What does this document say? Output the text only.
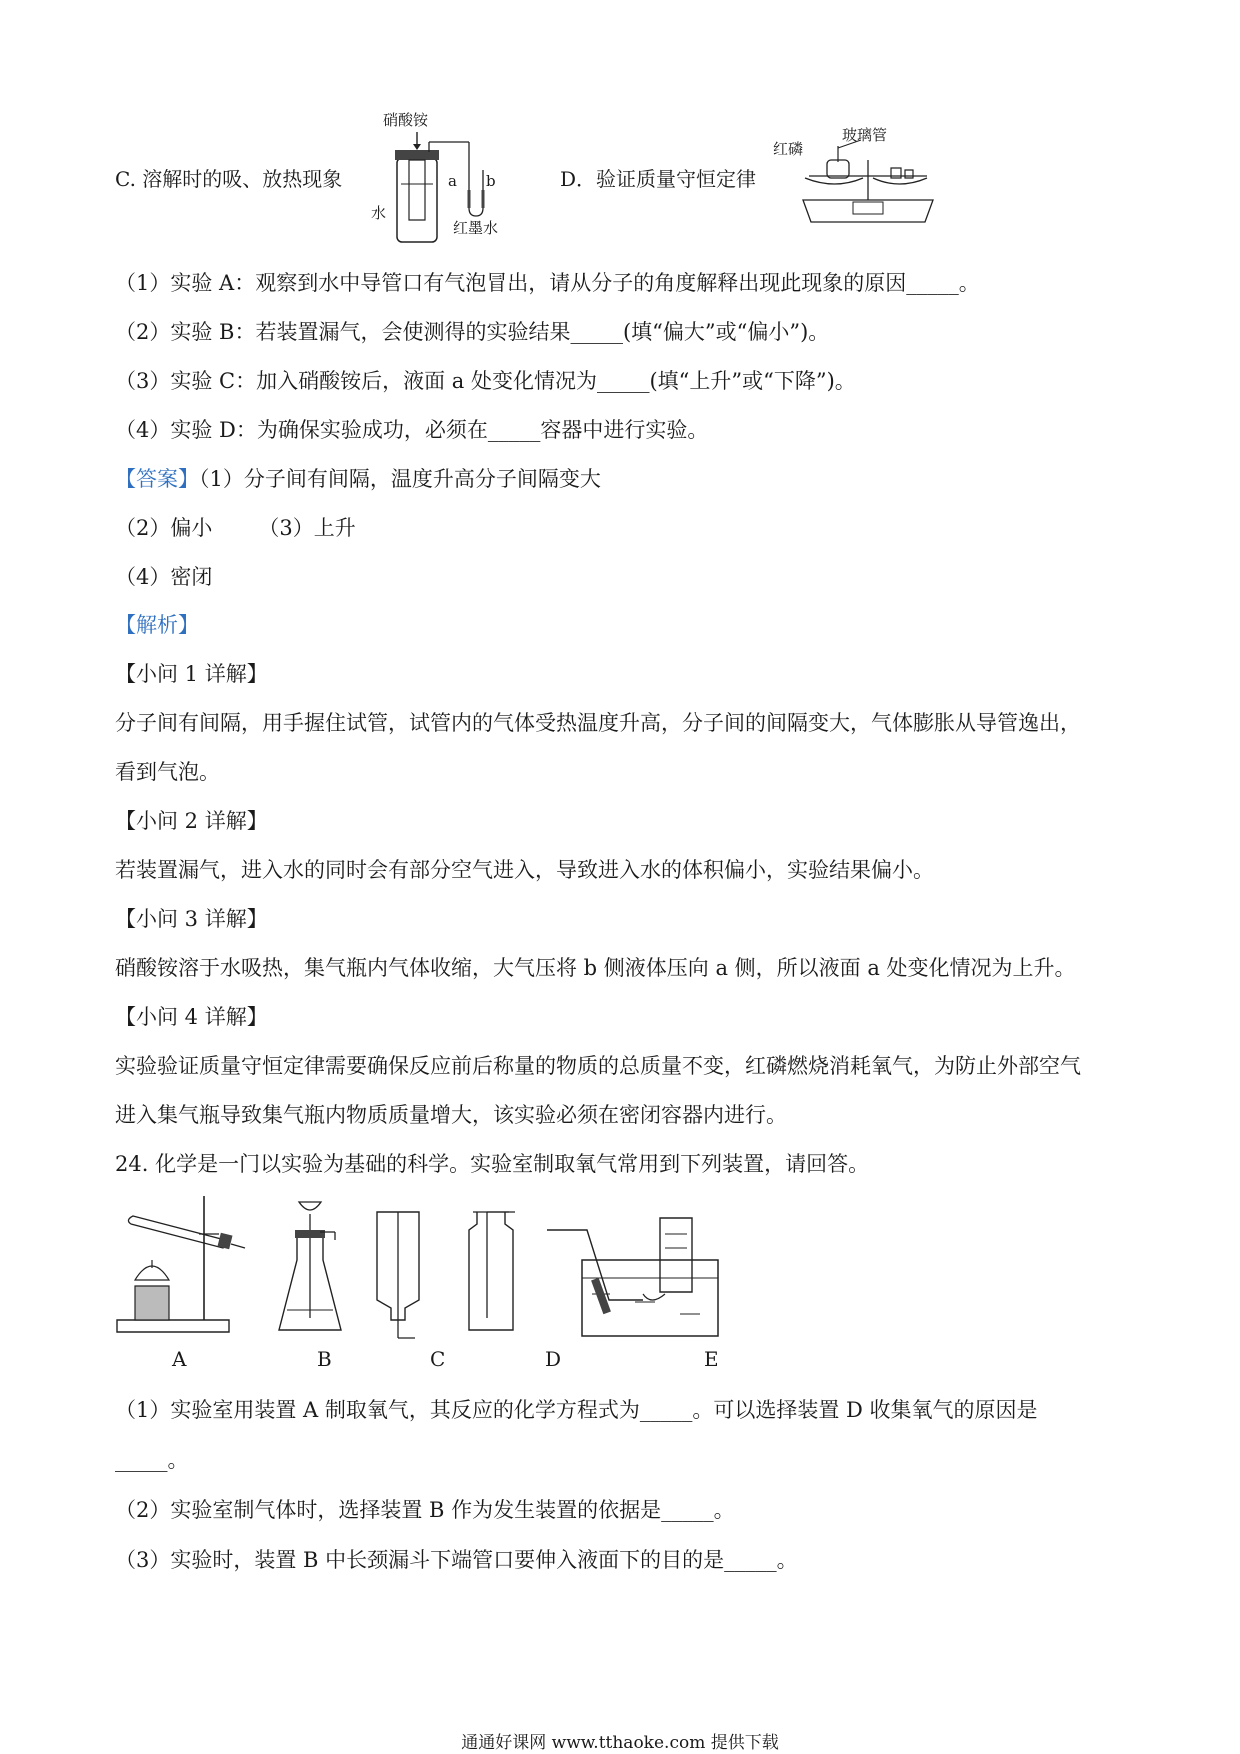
C. 溶解时的吸、放热现象
硝酸铵
水
a b
红墨水
D．验证质量守恒定律
红磷
玻璃管
（1）实验 A：观察到水中导管口有气泡冒出，请从分子的角度解释出现此现象的原因_____。
（2）实验 B：若装置漏气，会使测得的实验结果_____(填“偏大”或“偏小”)。
（3）实验 C：加入硝酸铵后，液面 a 处变化情况为_____(填“上升”或“下降”)。
（4）实验 D：为确保实验成功，必须在_____容器中进行实验。
【答案】（1）分子间有间隔，温度升高分子间隔变大
（2）偏小 （3）上升
（4）密闭
【解析】
【小问 1 详解】
分子间有间隔，用手握住试管，试管内的气体受热温度升高，分子间的间隔变大，气体膨胀从导管逸出，
看到气泡。
【小问 2 详解】
若装置漏气，进入水的同时会有部分空气进入，导致进入水的体积偏小，实验结果偏小。
【小问 3 详解】
硝酸铵溶于水吸热，集气瓶内气体收缩，大气压将 b 侧液体压向 a 侧，所以液面 a 处变化情况为上升。
【小问 4 详解】
实验验证质量守恒定律需要确保反应前后称量的物质的总质量不变，红磷燃烧消耗氧气，为防止外部空气
进入集气瓶导致集气瓶内物质质量增大，该实验必须在密闭容器内进行。
24. 化学是一门以实验为基础的科学。实验室制取氧气常用到下列装置，请回答。
A	B	C	D	E
（1）实验室用装置 A 制取氧气，其反应的化学方程式为_____。可以选择装置 D 收集氧气的原因是
_____。
（2）实验室制气体时，选择装置 B 作为发生装置的依据是_____。
（3）实验时，装置 B 中长颈漏斗下端管口要伸入液面下的目的是_____。
通通好课网 www.tthaoke.com 提供下载
